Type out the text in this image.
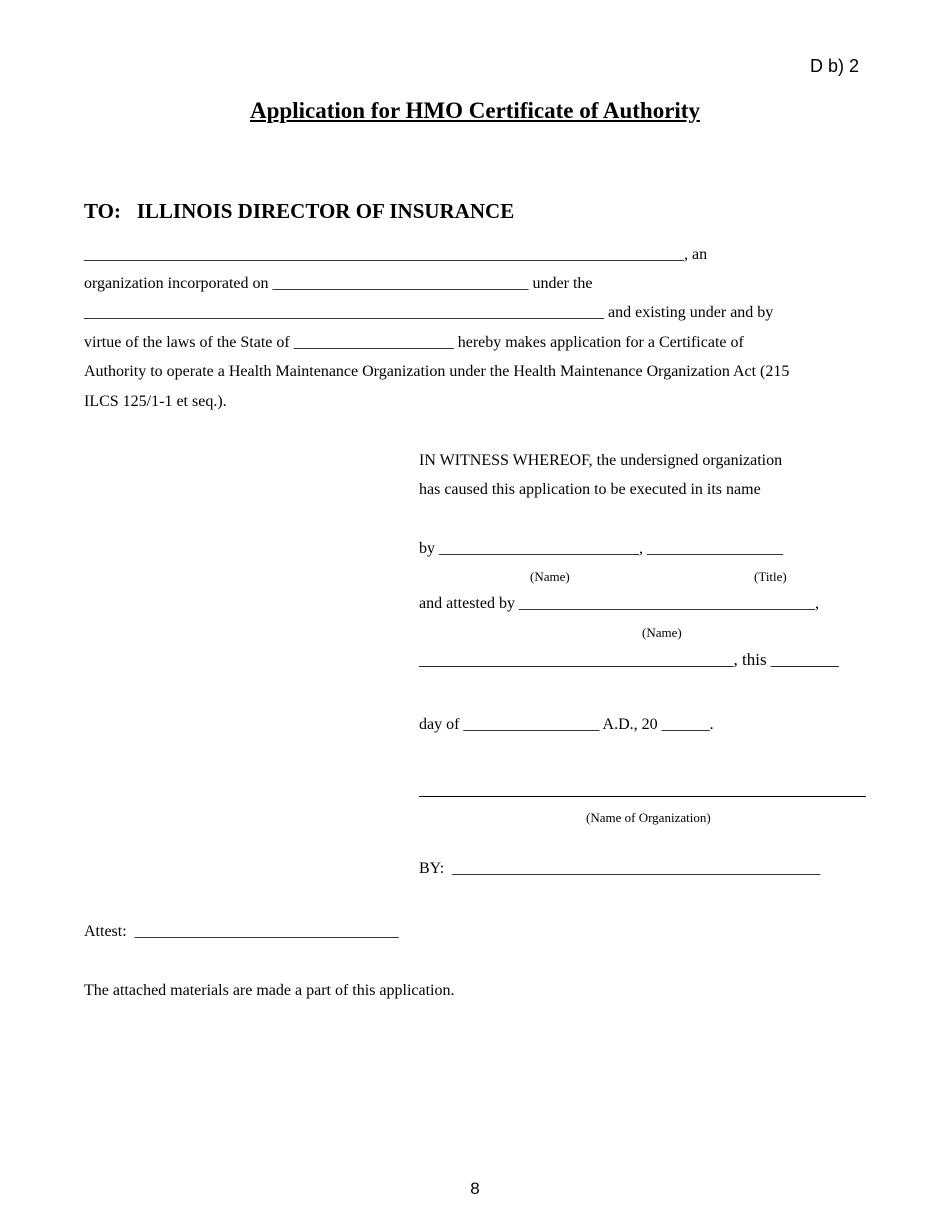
D b) 2
Application for HMO Certificate of Authority
TO:   ILLINOIS DIRECTOR OF INSURANCE
___________________________________________________________________________, an
organization incorporated on ________________________________ under the
_________________________________________________________________ and existing under and by
virtue of the laws of the State of ____________________ hereby makes application for a Certificate of
Authority to operate a Health Maintenance Organization under the Health Maintenance Organization Act (215
ILCS 125/1-1 et seq.).
IN WITNESS WHEREOF, the undersigned organization
has caused this application to be executed in its name
by _________________________, _________________
(Name)	(Title)
and attested by _____________________________________,
(Name)
_____________________________________, this ________
day of _________________ A.D., 20 ______.
(Name of Organization)
BY:  ______________________________________________
Attest:  _________________________________
The attached materials are made a part of this application.
8
